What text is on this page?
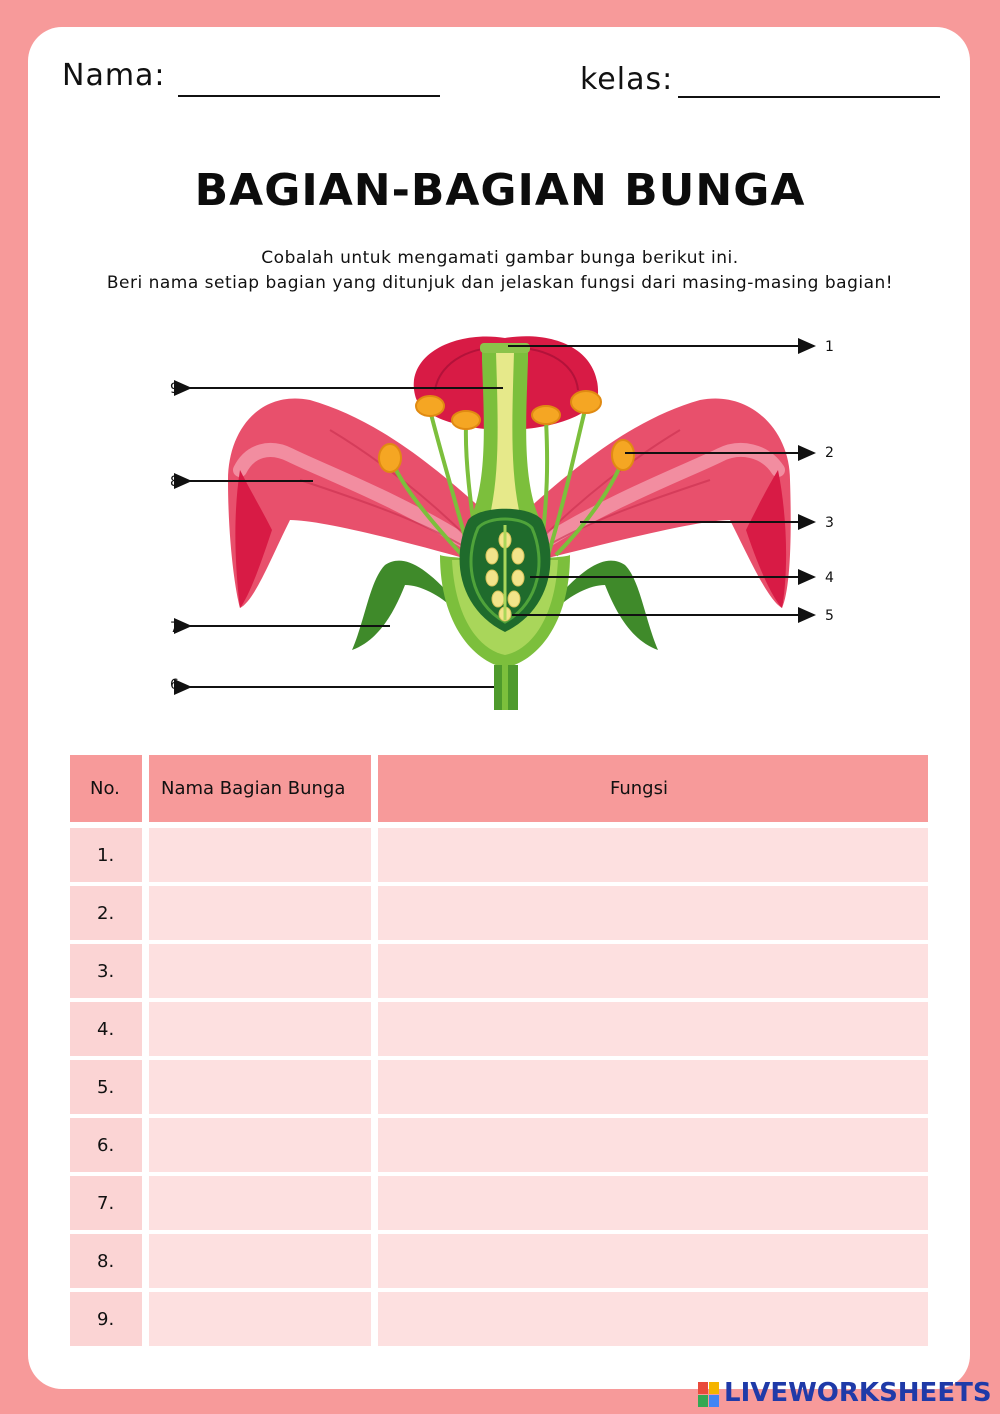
Nama:	kelas:
BAGIAN-BAGIAN BUNGA
Cobalah untuk mengamati gambar bunga berikut ini.
Beri nama setiap bagian yang ditunjuk dan jelaskan fungsi dari masing-masing bagian!
1
2
3
4
5
6
7
8
9
No. Nama Bagian Bunga	Fungsi
1.
2.
3.
4.
5.
6.
7.
8.
9.
LIVEWORKSHEETS
